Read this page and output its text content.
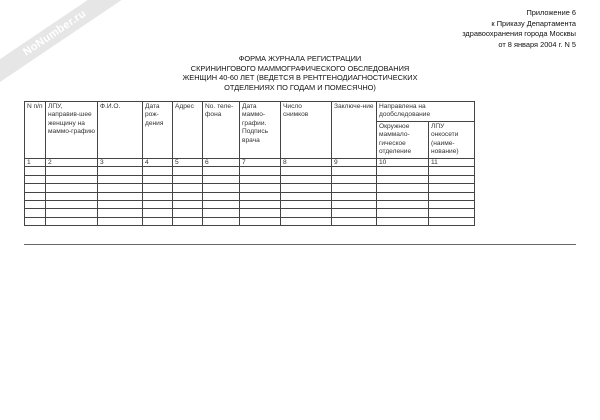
NoNumber.ru	Приложение 6
к Приказу Департамента
здравоохранения города Москвы
от 8 января 2004 г. N 5
ФОРМА ЖУРНАЛА РЕГИСТРАЦИИ
СКРИНИНГОВОГО МАММОГРАФИЧЕСКОГО ОБСЛЕДОВАНИЯ
ЖЕНЩИН 40-60 ЛЕТ (ВЕДЕТСЯ В РЕНТГЕНОДИАГНОСТИЧЕСКИХ
ОТДЕЛЕНИЯХ ПО ГОДАМ И ПОМЕСЯЧНО)
N п/п	ЛПУ, направив-шее женщину на маммо-графию	Ф.И.О.	Дата рож-дения	Адрес	No. теле-фона	Дата маммо-графии. Подпись врача	Число снимков	Заключе-ние	Направлена на дообследование	
									Окружное маммало-гическое отделение	ЛПУ онкосети (наиме-нование)
1	2	3	4	5	6	7	8	9	10	11
